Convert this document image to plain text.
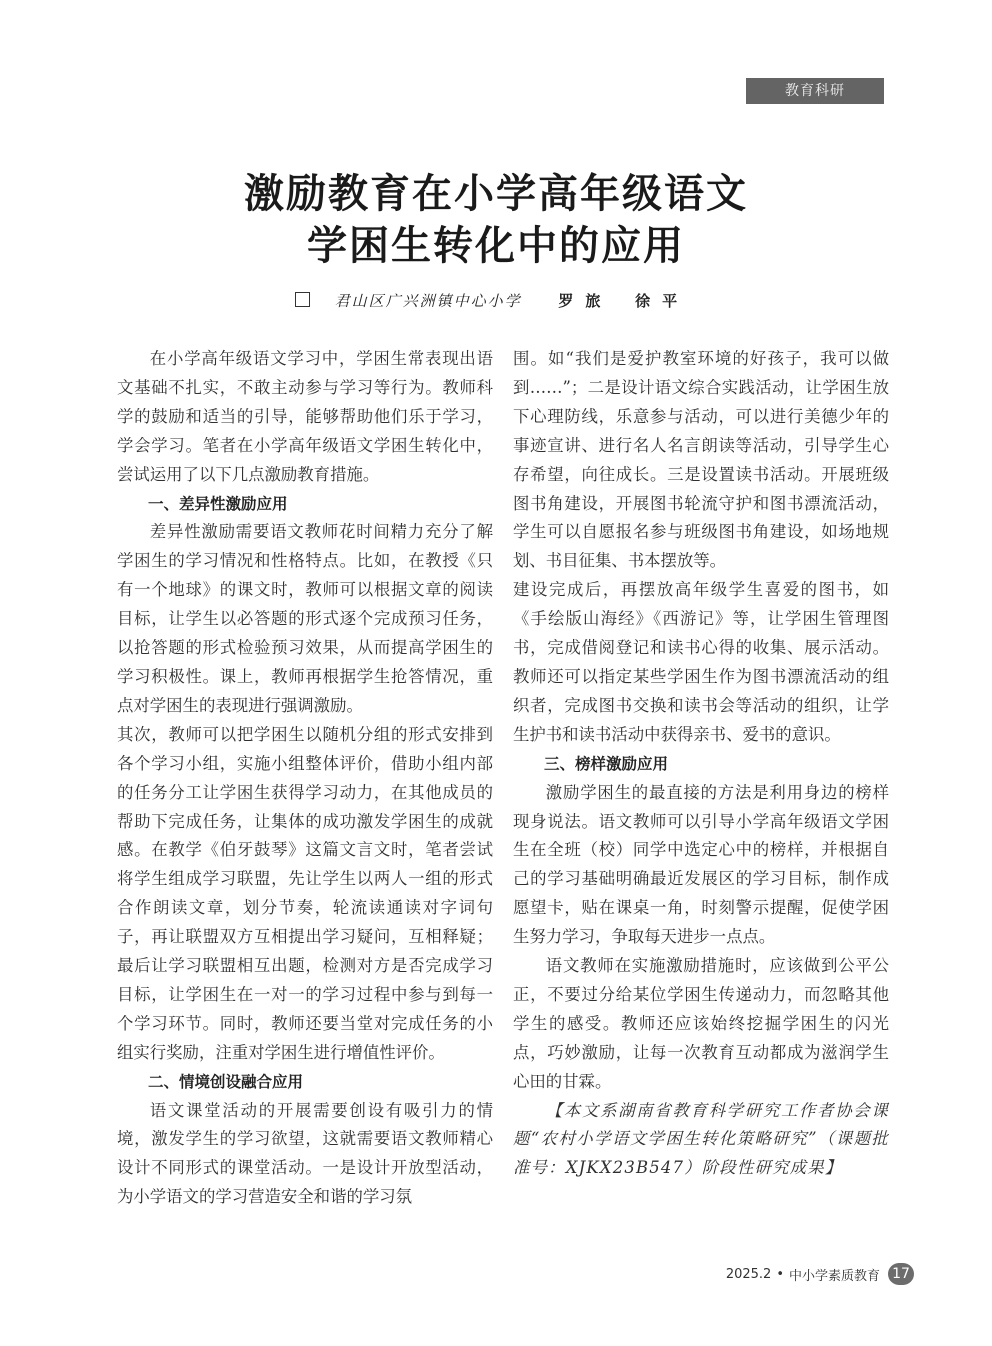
教育科研
激励教育在小学高年级语文
学困生转化中的应用
君山区广兴洲镇中心小学 罗旅 徐平

在小学高年级语文学习中，学困生常表现出语文基础不扎实，不敢主动参与学习等行为。教师科学的鼓励和适当的引导，能够帮助他们乐于学习，学会学习。笔者在小学高年级语文学困生转化中，尝试运用了以下几点激励教育措施。

一、差异性激励应用

差异性激励需要语文教师花时间精力充分了解学困生的学习情况和性格特点。比如，在教授《只有一个地球》的课文时，教师可以根据文章的阅读目标，让学生以必答题的形式逐个完成预习任务，以抢答题的形式检验预习效果，从而提高学困生的学习积极性。课上，教师再根据学生抢答情况，重点对学困生的表现进行强调激励。

其次，教师可以把学困生以随机分组的形式安排到各个学习小组，实施小组整体评价，借助小组内部的任务分工让学困生获得学习动力，在其他成员的帮助下完成任务，让集体的成功激发学困生的成就感。在教学《伯牙鼓琴》这篇文言文时，笔者尝试将学生组成学习联盟，先让学生以两人一组的形式合作朗读文章，划分节奏，轮流读通读对字词句子，再让联盟双方互相提出学习疑问，互相释疑；最后让学习联盟相互出题，检测对方是否完成学习目标，让学困生在一对一的学习过程中参与到每一个学习环节。同时，教师还要当堂对完成任务的小组实行奖励，注重对学困生进行增值性评价。

二、情境创设融合应用

语文课堂活动的开展需要创设有吸引力的情境，激发学生的学习欲望，这就需要语文教师精心设计不同形式的课堂活动。一是设计开放型活动，为小学语文的学习营造安全和谐的学习氛

围。如“我们是爱护教室环境的好孩子，我可以做到……”；二是设计语文综合实践活动，让学困生放下心理防线，乐意参与活动，可以进行美德少年的事迹宣讲、进行名人名言朗读等活动，引导学生心存希望，向往成长。三是设置读书活动。开展班级图书角建设，开展图书轮流守护和图书漂流活动，学生可以自愿报名参与班级图书角建设，如场地规划、书目征集、书本摆放等。

建设完成后，再摆放高年级学生喜爱的图书，如《手绘版山海经》《西游记》等，让学困生管理图书，完成借阅登记和读书心得的收集、展示活动。教师还可以指定某些学困生作为图书漂流活动的组织者，完成图书交换和读书会等活动的组织，让学生护书和读书活动中获得亲书、爱书的意识。

三、榜样激励应用

激励学困生的最直接的方法是利用身边的榜样现身说法。语文教师可以引导小学高年级语文学困生在全班（校）同学中选定心中的榜样，并根据自己的学习基础明确最近发展区的学习目标，制作成愿望卡，贴在课桌一角，时刻警示提醒，促使学困生努力学习，争取每天进步一点点。

语文教师在实施激励措施时，应该做到公平公正，不要过分给某位学困生传递动力，而忽略其他学生的感受。教师还应该始终挖掘学困生的闪光点，巧妙激励，让每一次教育互动都成为滋润学生心田的甘霖。

【本文系湖南省教育科学研究工作者协会课题“农村小学语文学困生转化策略研究”（课题批准号：XJKX23B547）阶段性研究成果】

2025.2 • 中小学素质教育 17
